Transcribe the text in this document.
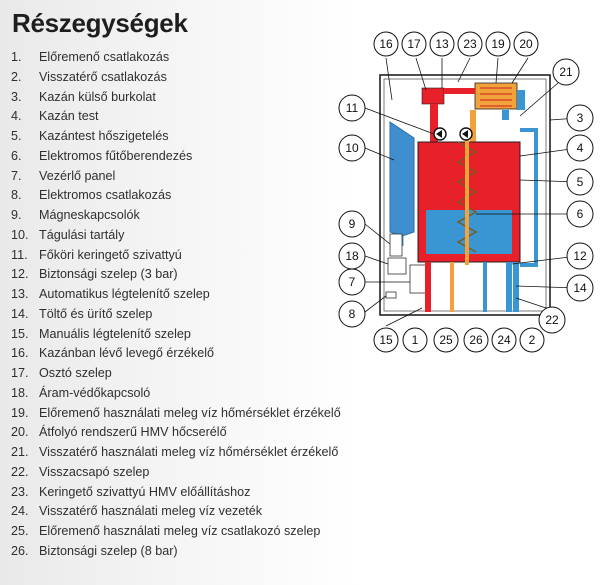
Részegységek
1. Előremenő csatlakozás
2. Visszatérő csatlakozás
3. Kazán külső burkolat
4. Kazán test
5. Kazántest hőszigetelés
6. Elektromos fűtőberendezés
7. Vezérlő panel
8. Elektromos csatlakozás
9. Mágneskapcsolók
10. Tágulási tartály
11. Főköri keringető szivattyú
12. Biztonsági szelep (3 bar)
13. Automatikus légtelenítő szelep
14. Töltő és ürítő szelep
15. Manuális légtelenítő szelep
16. Kazánban lévő levegő érzékelő
17. Osztó szelep
18. Áram-védőkapcsoló
19. Előremenő használati meleg víz hőmérséklet érzékelő
20. Átfolyó rendszerű HMV hőcserélő
21. Visszatérő használati meleg víz hőmérséklet érzékelő
22. Visszacsapó szelep
23. Keringető szivattyú HMV előállításhoz
24. Visszatérő használati meleg víz vezeték
25. Előremenő használati meleg víz csatlakozó szelep
26. Biztonsági szelep (8 bar)
16 17 13 23 19 20
11
10
9
18
7
8
21
3
4
5
6
12
14
22
15 1 25 26 24 2
